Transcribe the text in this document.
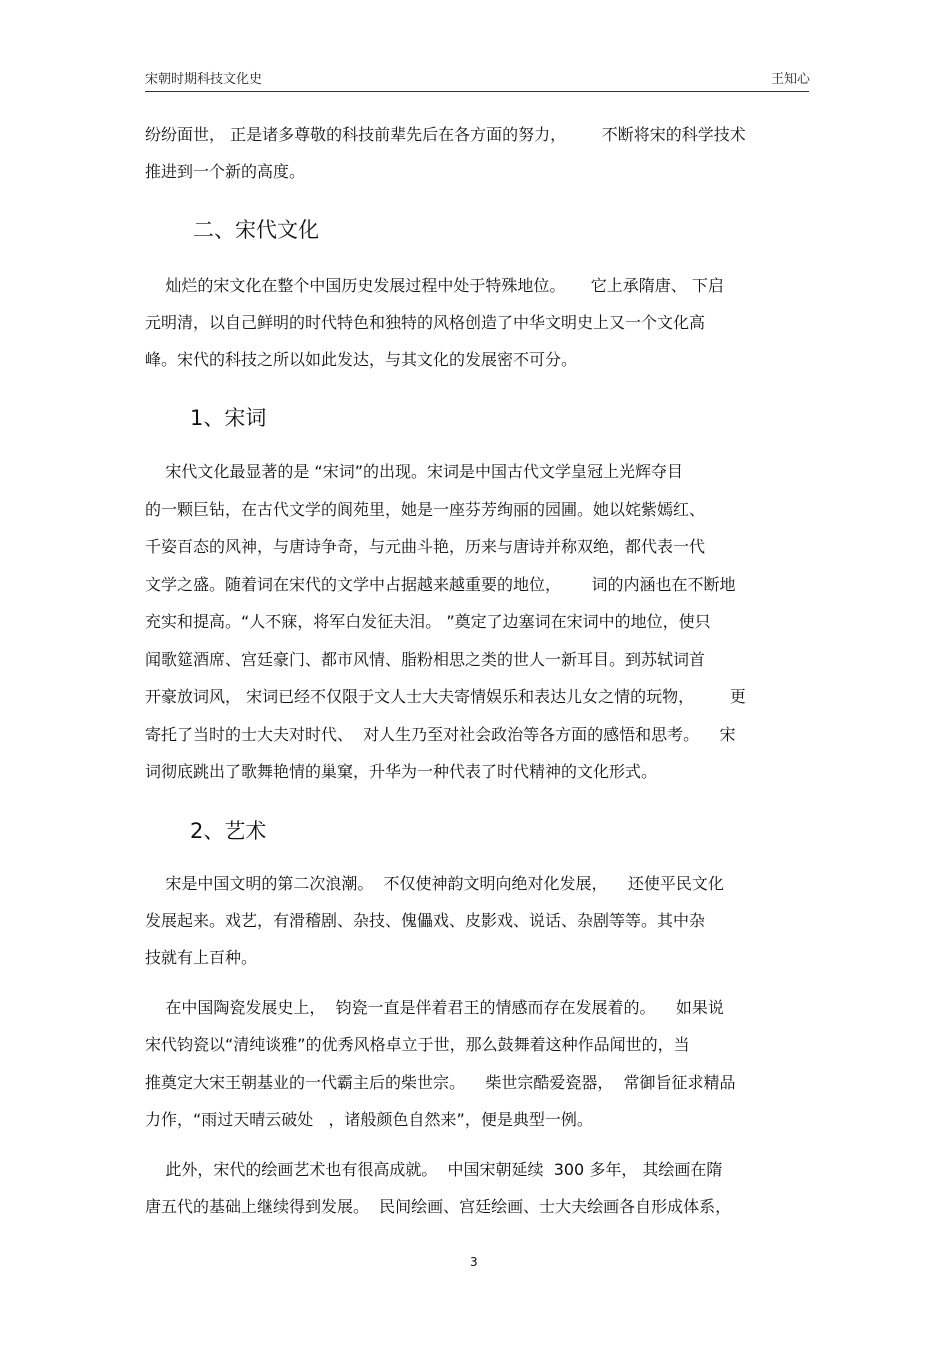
宋朝时期科技文化史	王知心
纷纷面世， 正是诸多尊敬的科技前辈先后在各方面的努力，       不断将宋的科学技术
推进到一个新的高度。
二、宋代文化
灿烂的宋文化在整个中国历史发展过程中处于特殊地位。     它上承隋唐、 下启
元明清，以自己鲜明的时代特色和独特的风格创造了中华文明史上又一个文化高
峰。宋代的科技之所以如此发达，与其文化的发展密不可分。
1、宋词
宋代文化最显著的是 “宋词”的出现。宋词是中国古代文学皇冠上光辉夺目
的一颗巨钻，在古代文学的阆苑里，她是一座芬芳绚丽的园圃。她以姹紫嫣红、
千姿百态的风神，与唐诗争奇，与元曲斗艳，历来与唐诗并称双绝，都代表一代
文学之盛。随着词在宋代的文学中占据越来越重要的地位，      词的内涵也在不断地
充实和提高。“人不寐，将军白发征夫泪。 ”奠定了边塞词在宋词中的地位，使只
闻歌筵酒席、宫廷豪门、都市风情、脂粉相思之类的世人一新耳目。到苏轼词首
开豪放词风， 宋词已经不仅限于文人士大夫寄情娱乐和表达儿女之情的玩物，       更
寄托了当时的士大夫对时代、  对人生乃至对社会政治等各方面的感悟和思考。    宋
词彻底跳出了歌舞艳情的巢窠，升华为一种代表了时代精神的文化形式。
2、艺术
宋是中国文明的第二次浪潮。  不仅使神韵文明向绝对化发展，    还使平民文化
发展起来。戏艺，有滑稽剧、杂技、傀儡戏、皮影戏、说话、杂剧等等。其中杂
技就有上百种。
在中国陶瓷发展史上，  钧瓷一直是伴着君王的情感而存在发展着的。    如果说
宋代钧瓷以“清纯谈雅”的优秀风格卓立于世，那么鼓舞着这种作品闻世的，当
推奠定大宋王朝基业的一代霸主后的柴世宗。    柴世宗酷爱瓷器，  常御旨征求精品
力作，“雨过天晴云破处   ，诸般颜色自然来”，便是典型一例。
此外，宋代的绘画艺术也有很高成就。  中国宋朝延续  300 多年， 其绘画在隋
唐五代的基础上继续得到发展。  民间绘画、宫廷绘画、士大夫绘画各自形成体系，
3
